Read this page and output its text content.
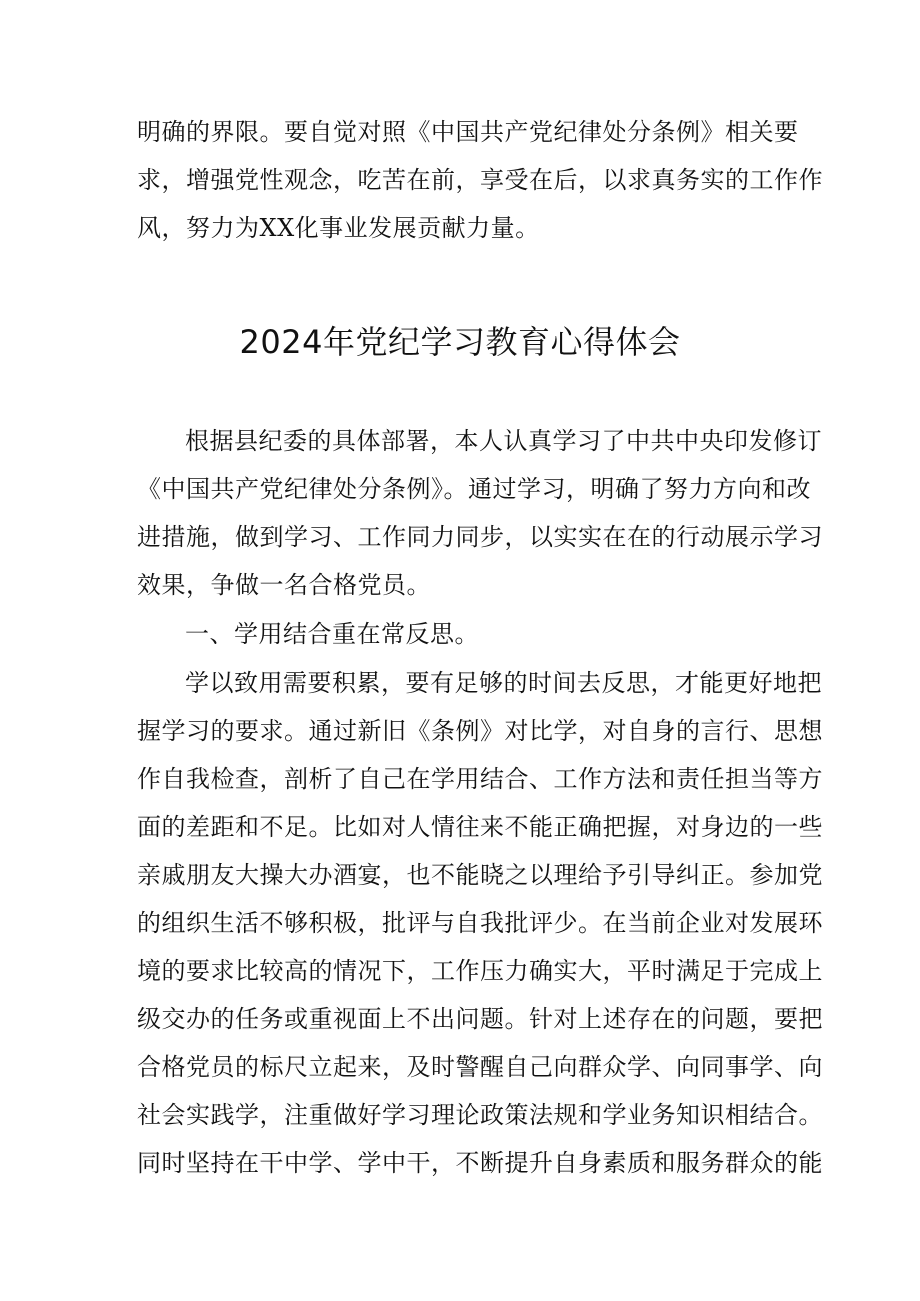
明确的界限。要自觉对照《中国共产党纪律处分条例》相关要
求，增强党性观念，吃苦在前，享受在后，以求真务实的工作作
风，努力为XX化事业发展贡献力量。
2024年党纪学习教育心得体会
根据县纪委的具体部署，本人认真学习了中共中央印发修订
《中国共产党纪律处分条例》。通过学习，明确了努力方向和改
进措施，做到学习、工作同力同步，以实实在在的行动展示学习
效果，争做一名合格党员。
一、学用结合重在常反思。
学以致用需要积累，要有足够的时间去反思，才能更好地把
握学习的要求。通过新旧《条例》对比学，对自身的言行、思想
作自我检查，剖析了自己在学用结合、工作方法和责任担当等方
面的差距和不足。比如对人情往来不能正确把握，对身边的一些
亲戚朋友大操大办酒宴，也不能晓之以理给予引导纠正。参加党
的组织生活不够积极，批评与自我批评少。在当前企业对发展环
境的要求比较高的情况下，工作压力确实大，平时满足于完成上
级交办的任务或重视面上不出问题。针对上述存在的问题，要把
合格党员的标尺立起来，及时警醒自己向群众学、向同事学、向
社会实践学，注重做好学习理论政策法规和学业务知识相结合。
同时坚持在干中学、学中干，不断提升自身素质和服务群众的能
